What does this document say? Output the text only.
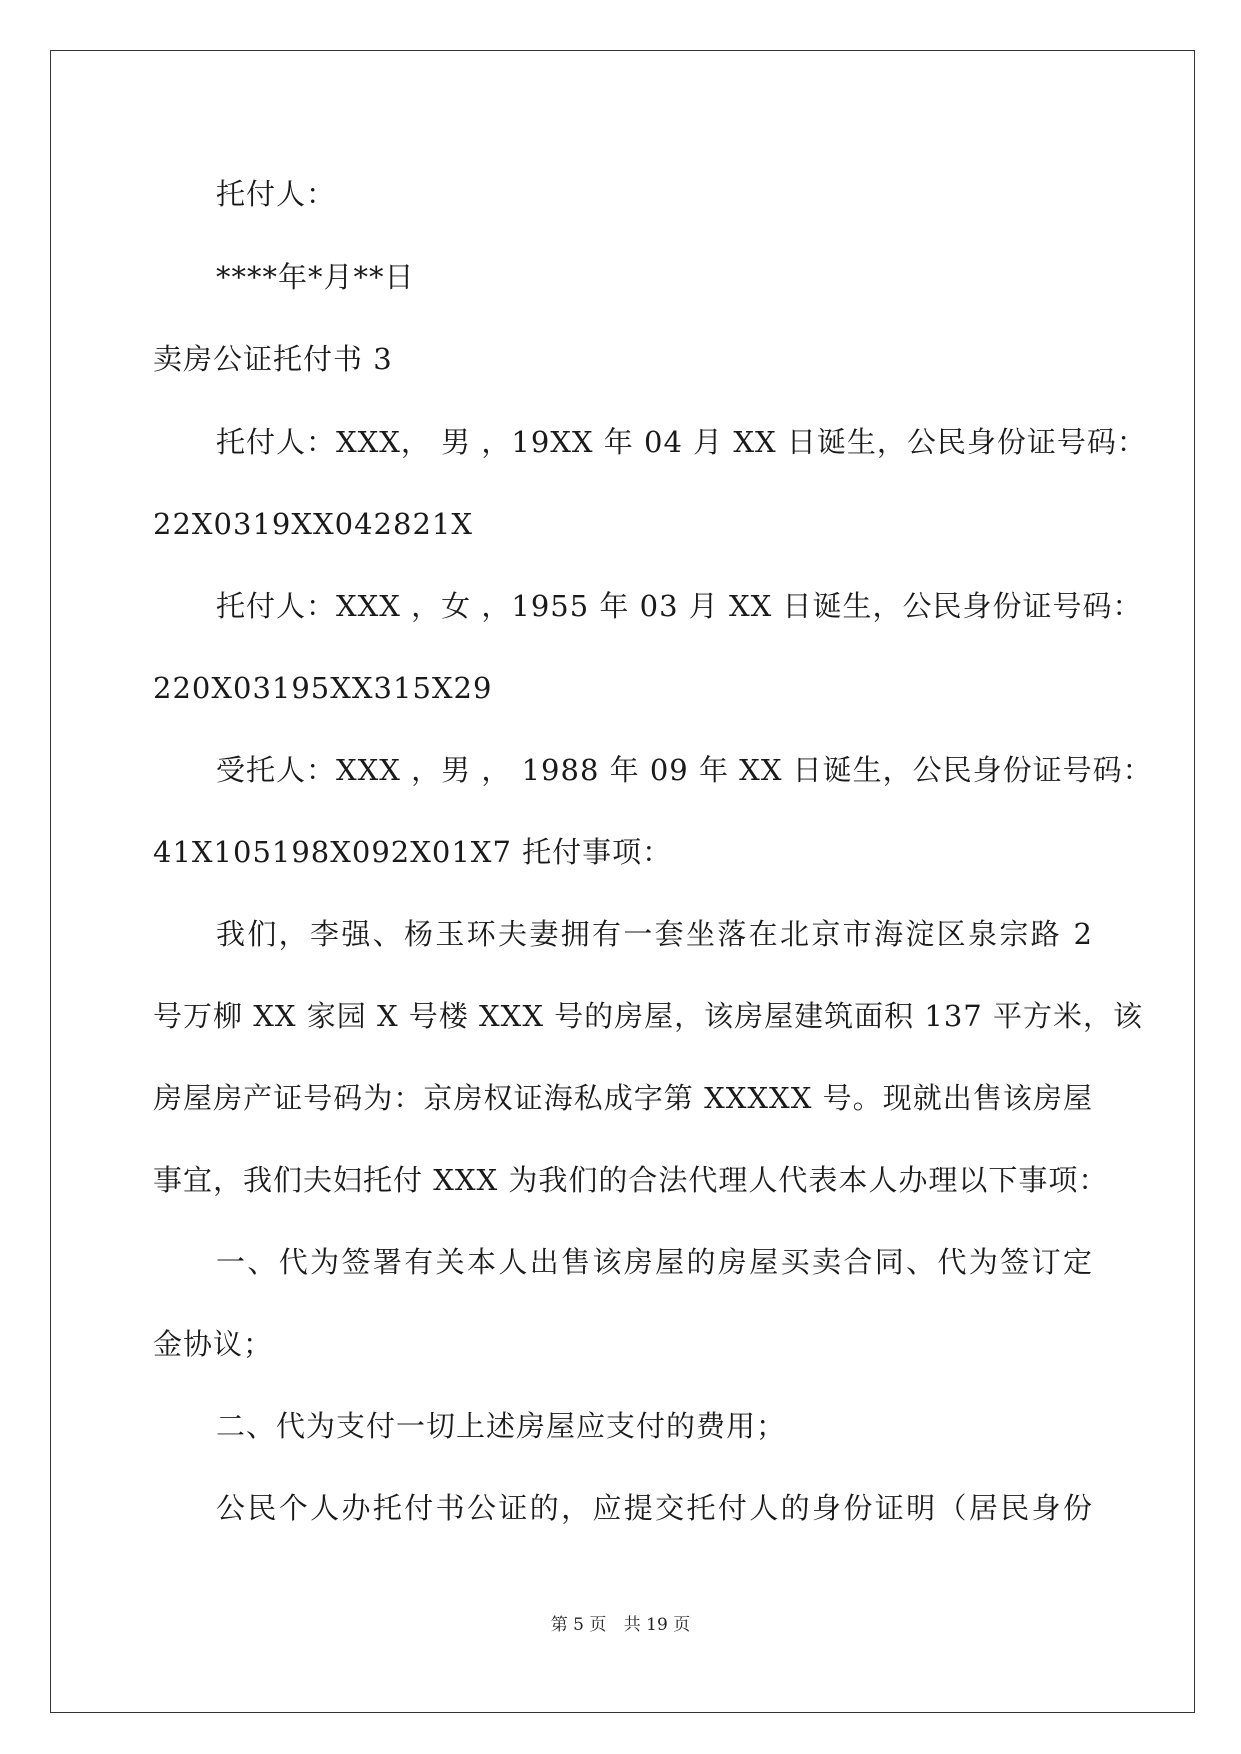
托付人：
****年*月**日
卖房公证托付书 3
托付人：XXX， 男 ，19XX 年 04 月 XX 日诞生，公民身份证号码：
22X0319XX042821X
托付人：XXX ，女 ，1955 年 03 月 XX 日诞生，公民身份证号码：
220X03195XX315X29
受托人：XXX ，男 ， 1988 年 09 年 XX 日诞生，公民身份证号码：
41X105198X092X01X7 托付事项：
我们，李强、杨玉环夫妻拥有一套坐落在北京市海淀区泉宗路 2
号万柳 XX 家园 X 号楼 XXX 号的房屋，该房屋建筑面积 137 平方米，该
房屋房产证号码为：京房权证海私成字第 XXXXX 号。现就出售该房屋
事宜，我们夫妇托付 XXX 为我们的合法代理人代表本人办理以下事项：
一、代为签署有关本人出售该房屋的房屋买卖合同、代为签订定
金协议；
二、代为支付一切上述房屋应支付的费用；
公民个人办托付书公证的，应提交托付人的身份证明（居民身份
第 5 页 共 19 页
